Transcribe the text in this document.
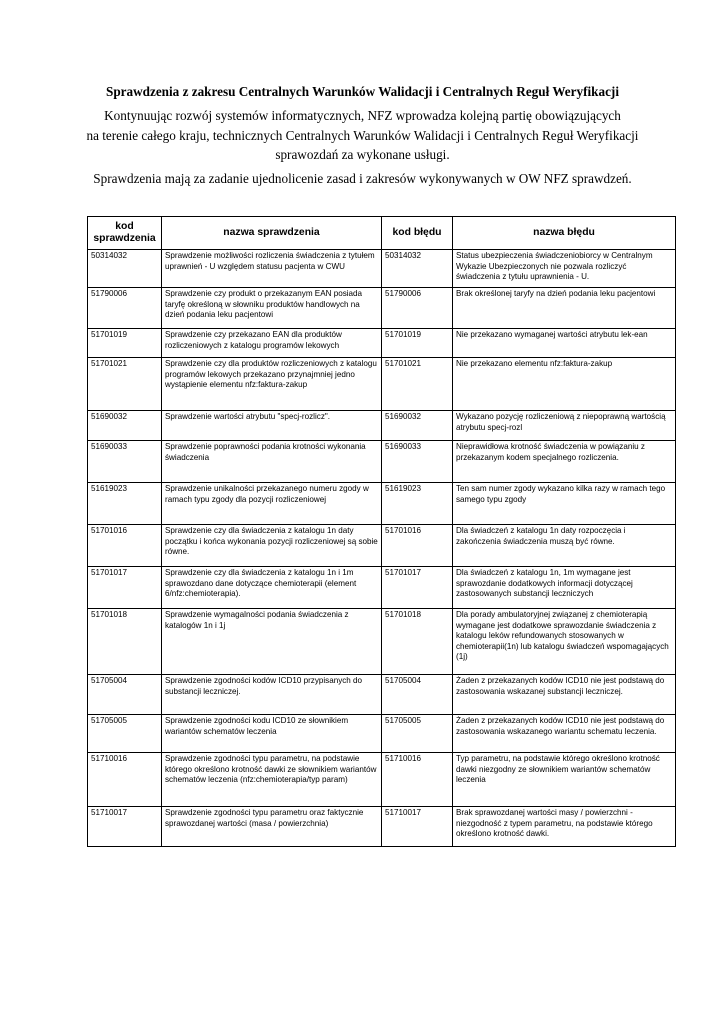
Sprawdzenia z zakresu Centralnych Warunków Walidacji i Centralnych Reguł Weryfikacji
Kontynuując rozwój systemów informatycznych, NFZ wprowadza kolejną partię obowiązujących
na terenie całego kraju, technicznych Centralnych Warunków Walidacji i Centralnych Reguł Weryfikacji
sprawozdań za wykonane usługi.
Sprawdzenia mają za zadanie ujednolicenie zasad i zakresów wykonywanych w OW NFZ sprawdzeń.
kod sprawdzenia	nazwa sprawdzenia	kod błędu	nazwa błędu
50314032	Sprawdzenie możliwości rozliczenia świadczenia z tytułem uprawnień - U względem statusu pacjenta w CWU	50314032	Status ubezpieczenia świadczeniobiorcy w Centralnym Wykazie Ubezpieczonych nie pozwala rozliczyć świadczenia z tytułu uprawnienia - U.
51790006	Sprawdzenie czy produkt o przekazanym EAN posiada taryfę określoną w słowniku produktów handlowych na dzień podania leku pacjentowi	51790006	Brak określonej taryfy na dzień podania leku pacjentowi
51701019	Sprawdzenie czy przekazano EAN dla produktów rozliczeniowych z katalogu programów lekowych	51701019	Nie przekazano wymaganej wartości atrybutu lek-ean
51701021	Sprawdzenie czy dla produktów rozliczeniowych z katalogu programów lekowych przekazano przynajmniej jedno wystąpienie elementu nfz:faktura-zakup	51701021	Nie przekazano elementu nfz:faktura-zakup
51690032	Sprawdzenie wartości atrybutu "specj-rozlicz".	51690032	Wykazano pozycję rozliczeniową z niepoprawną wartością atrybutu specj-rozl
51690033	Sprawdzenie poprawności podania krotności wykonania świadczenia	51690033	Nieprawidłowa krotność świadczenia w powiązaniu z przekazanym kodem specjalnego rozliczenia.
51619023	Sprawdzenie unikalności przekazanego numeru zgody w ramach typu zgody dla pozycji rozliczeniowej	51619023	Ten sam numer zgody wykazano kilka razy w ramach tego samego typu zgody
51701016	Sprawdzenie czy dla świadczenia z katalogu 1n daty początku i końca wykonania pozycji rozliczeniowej są sobie równe.	51701016	Dla świadczeń z katalogu 1n daty rozpoczęcia i zakończenia świadczenia muszą być równe.
51701017	Sprawdzenie czy dla świadczenia z katalogu 1n i 1m sprawozdano dane dotyczące chemioterapii (element 6/nfz:chemioterapia).	51701017	Dla świadczeń z katalogu 1n, 1m wymagane jest sprawozdanie dodatkowych informacji dotyczącej zastosowanych substancji leczniczych
51701018	Sprawdzenie wymagalności podania świadczenia z katalogów 1n i 1j	51701018	Dla porady ambulatoryjnej związanej z chemioterapią wymagane jest dodatkowe sprawozdanie świadczenia z katalogu leków refundowanych stosowanych w chemioterapii(1n) lub katalogu świadczeń wspomagających (1j)
51705004	Sprawdzenie zgodności kodów ICD10 przypisanych do substancji leczniczej.	51705004	Żaden z przekazanych kodów ICD10 nie jest podstawą do zastosowania wskazanej substancji leczniczej.
51705005	Sprawdzenie zgodności kodu ICD10 ze słownikiem wariantów schematów leczenia	51705005	Żaden z przekazanych kodów ICD10 nie jest podstawą do zastosowania wskazanego wariantu schematu leczenia.
51710016	Sprawdzenie zgodności typu parametru, na podstawie którego określono krotność dawki ze słownikiem wariantów schematów leczenia (nfz:chemioterapia/typ param)	51710016	Typ parametru, na podstawie którego określono krotność dawki niezgodny ze słownikiem wariantów schematów leczenia
51710017	Sprawdzenie zgodności typu parametru oraz faktycznie sprawozdanej wartości (masa / powierzchnia)	51710017	Brak sprawozdanej wartości masy / powierzchni - niezgodność z typem parametru, na podstawie którego określono krotność dawki.
